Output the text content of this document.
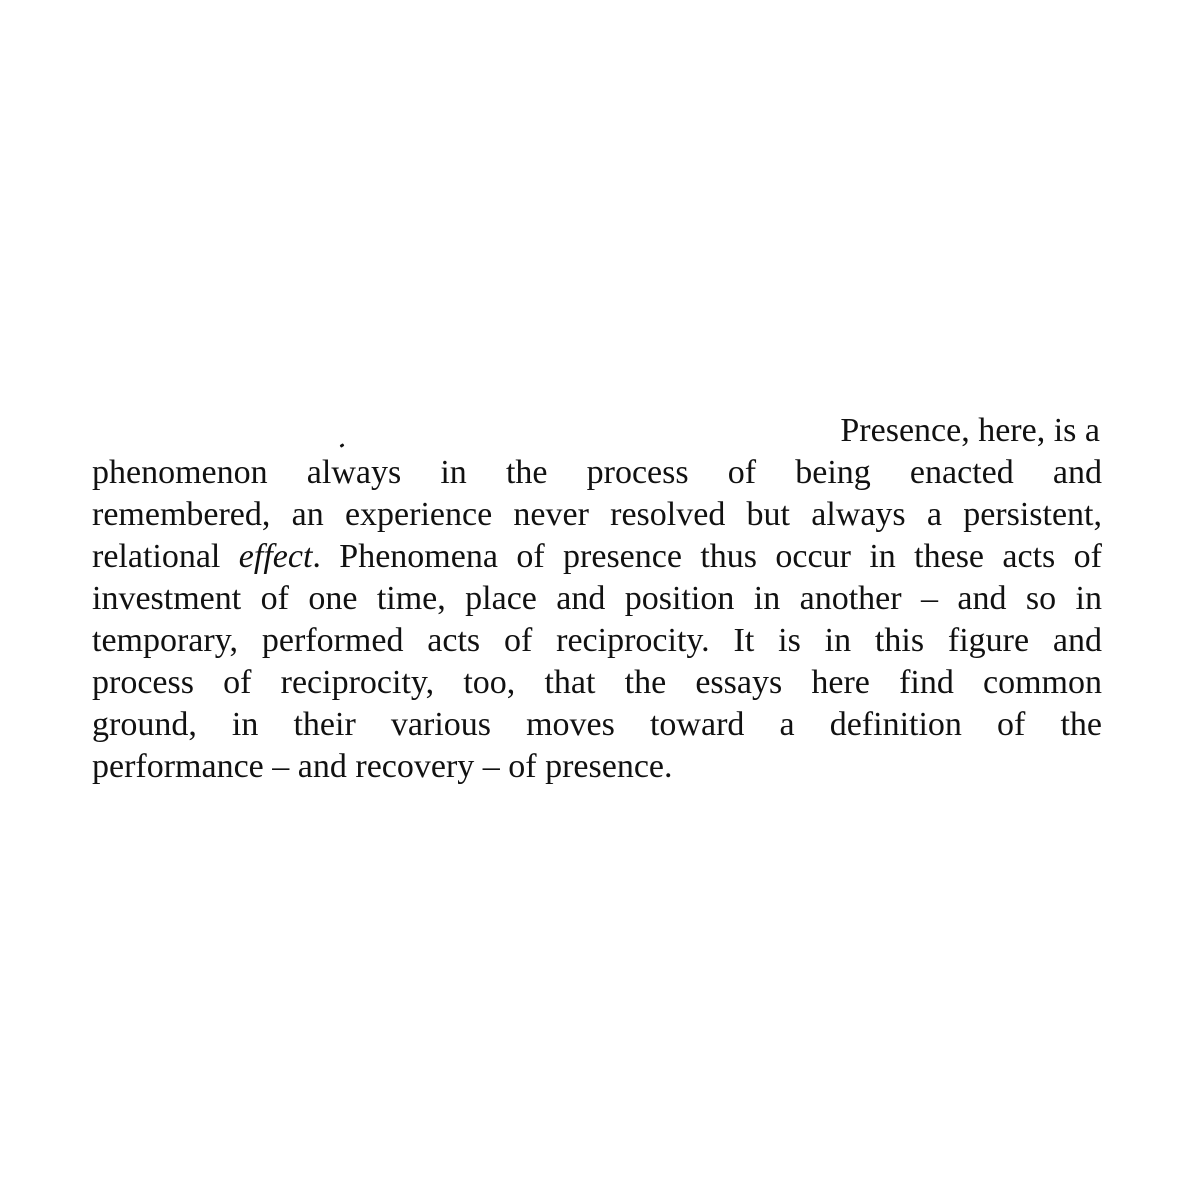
Presence, here, is a
phenomenon always in the process of being enacted and
remembered, an experience never resolved but always a persistent,
relational effect. Phenomena of presence thus occur in these acts of
investment of one time, place and position in another – and so in
temporary, performed acts of reciprocity. It is in this figure and
process of reciprocity, too, that the essays here find common
ground, in their various moves toward a definition of the
performance – and recovery – of presence.
